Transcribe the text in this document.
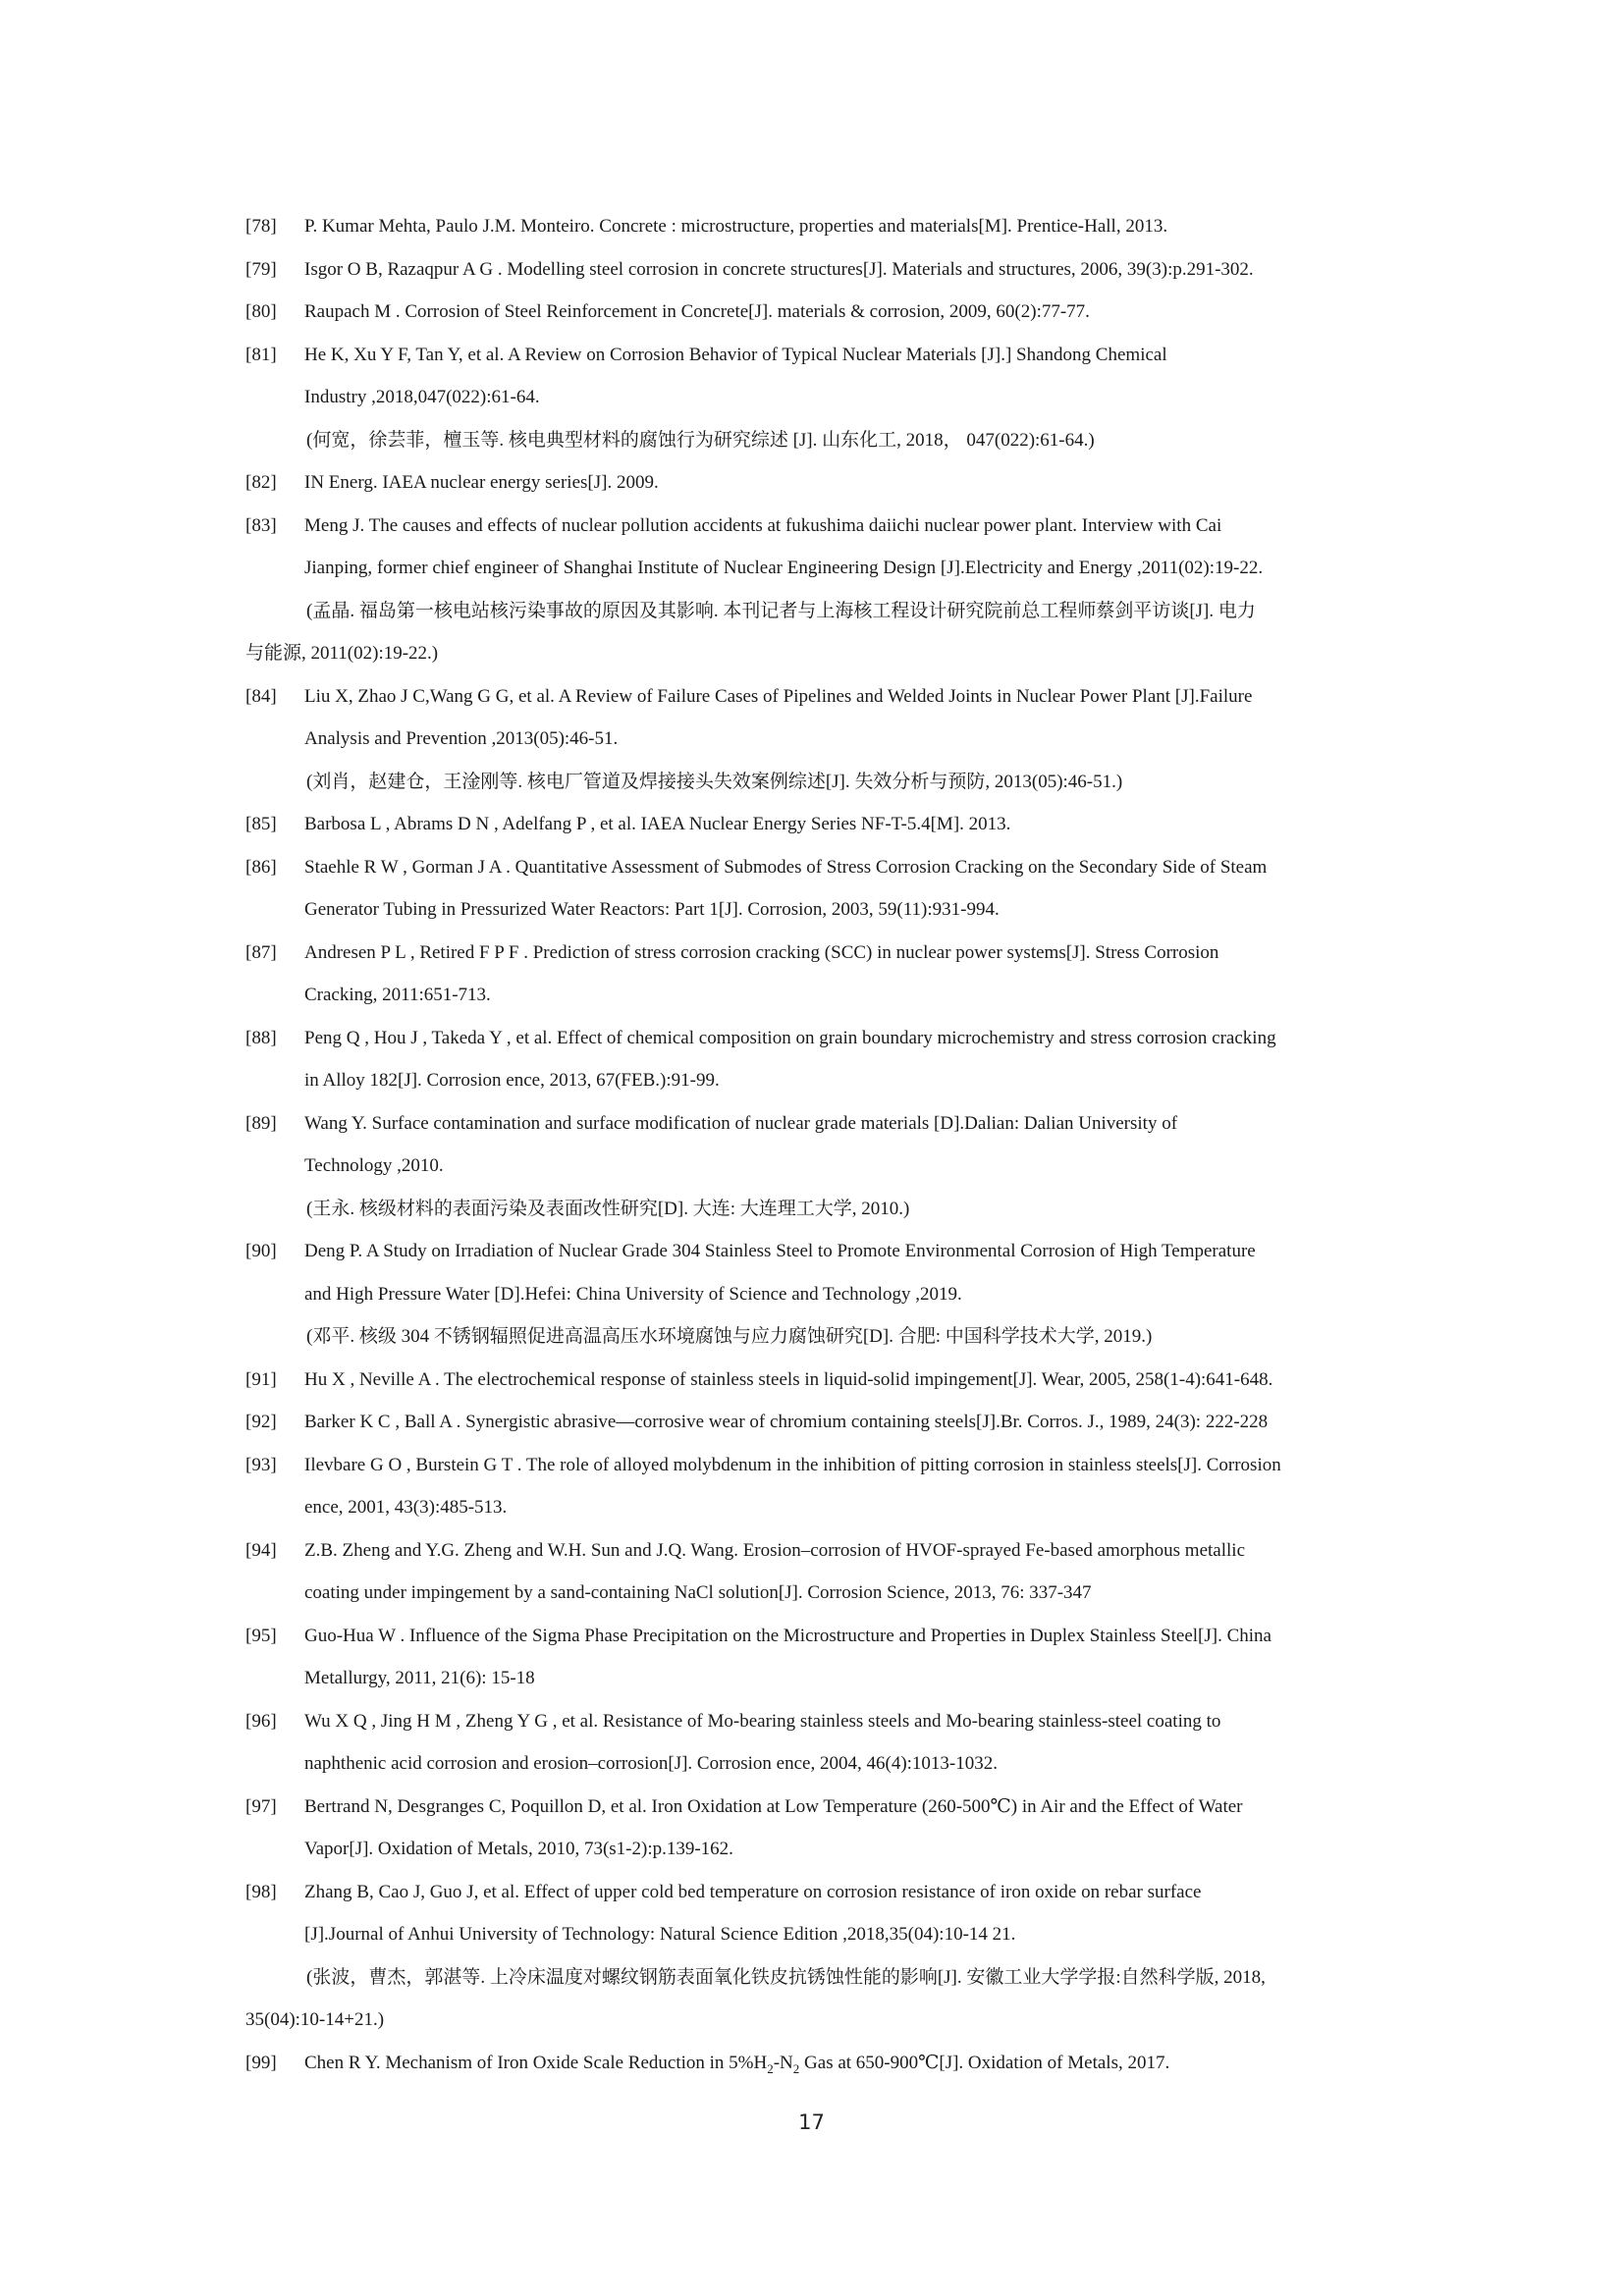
[78] P. Kumar Mehta, Paulo J.M. Monteiro. Concrete : microstructure, properties and materials[M]. Prentice-Hall, 2013.
[79] Isgor O B, Razaqpur A G . Modelling steel corrosion in concrete structures[J]. Materials and structures, 2006, 39(3):p.291-302.
[80] Raupach M . Corrosion of Steel Reinforcement in Concrete[J]. materials & corrosion, 2009, 60(2):77-77.
[81] He K, Xu Y F, Tan Y, et al. A Review on Corrosion Behavior of Typical Nuclear Materials [J].] Shandong Chemical
Industry ,2018,047(022):61-64.
(何宽，徐芸菲，檀玉等. 核电典型材料的腐蚀行为研究综述 [J]. 山东化工, 2018， 047(022):61-64.)
[82] IN Energ. IAEA nuclear energy series[J]. 2009.
[83] Meng J. The causes and effects of nuclear pollution accidents at fukushima daiichi nuclear power plant. Interview with Cai
Jianping, former chief engineer of Shanghai Institute of Nuclear Engineering Design [J].Electricity and Energy ,2011(02):19-22.
(孟晶. 福岛第一核电站核污染事故的原因及其影响. 本刊记者与上海核工程设计研究院前总工程师蔡剑平访谈[J]. 电力
与能源, 2011(02):19-22.)
[84] Liu X, Zhao J C,Wang G G, et al. A Review of Failure Cases of Pipelines and Welded Joints in Nuclear Power Plant [J].Failure
Analysis and Prevention ,2013(05):46-51.
(刘肖，赵建仓，王淦刚等. 核电厂管道及焊接接头失效案例综述[J]. 失效分析与预防, 2013(05):46-51.)
[85] Barbosa L , Abrams D N , Adelfang P , et al. IAEA Nuclear Energy Series NF-T-5.4[M]. 2013.
[86] Staehle R W , Gorman J A . Quantitative Assessment of Submodes of Stress Corrosion Cracking on the Secondary Side of Steam
Generator Tubing in Pressurized Water Reactors: Part 1[J]. Corrosion, 2003, 59(11):931-994.
[87] Andresen P L , Retired F P F . Prediction of stress corrosion cracking (SCC) in nuclear power systems[J]. Stress Corrosion
Cracking, 2011:651-713.
[88] Peng Q , Hou J , Takeda Y , et al. Effect of chemical composition on grain boundary microchemistry and stress corrosion cracking
in Alloy 182[J]. Corrosion ence, 2013, 67(FEB.):91-99.
[89] Wang Y. Surface contamination and surface modification of nuclear grade materials [D].Dalian: Dalian University of
Technology ,2010.
(王永. 核级材料的表面污染及表面改性研究[D]. 大连: 大连理工大学, 2010.)
[90] Deng P. A Study on Irradiation of Nuclear Grade 304 Stainless Steel to Promote Environmental Corrosion of High Temperature
and High Pressure Water [D].Hefei: China University of Science and Technology ,2019.
(邓平. 核级 304 不锈钢辐照促进高温高压水环境腐蚀与应力腐蚀研究[D]. 合肥: 中国科学技术大学, 2019.)
[91] Hu X , Neville A . The electrochemical response of stainless steels in liquid-solid impingement[J]. Wear, 2005, 258(1-4):641-648.
[92] Barker K C , Ball A . Synergistic abrasive—corrosive wear of chromium containing steels[J].Br. Corros. J., 1989, 24(3): 222-228
[93] Ilevbare G O , Burstein G T . The role of alloyed molybdenum in the inhibition of pitting corrosion in stainless steels[J]. Corrosion
ence, 2001, 43(3):485-513.
[94] Z.B. Zheng and Y.G. Zheng and W.H. Sun and J.Q. Wang. Erosion–corrosion of HVOF-sprayed Fe-based amorphous metallic
coating under impingement by a sand-containing NaCl solution[J]. Corrosion Science, 2013, 76: 337-347
[95] Guo-Hua W . Influence of the Sigma Phase Precipitation on the Microstructure and Properties in Duplex Stainless Steel[J]. China
Metallurgy, 2011, 21(6): 15-18
[96] Wu X Q , Jing H M , Zheng Y G , et al. Resistance of Mo-bearing stainless steels and Mo-bearing stainless-steel coating to
naphthenic acid corrosion and erosion–corrosion[J]. Corrosion ence, 2004, 46(4):1013-1032.
[97] Bertrand N, Desgranges C, Poquillon D, et al. Iron Oxidation at Low Temperature (260-500℃) in Air and the Effect of Water
Vapor[J]. Oxidation of Metals, 2010, 73(s1-2):p.139-162.
[98] Zhang B, Cao J, Guo J, et al. Effect of upper cold bed temperature on corrosion resistance of iron oxide on rebar surface
[J].Journal of Anhui University of Technology: Natural Science Edition ,2018,35(04):10-14 21.
(张波，曹杰，郭湛等. 上冷床温度对螺纹钢筋表面氧化铁皮抗锈蚀性能的影响[J]. 安徽工业大学学报:自然科学版, 2018,
35(04):10-14+21.)
[99] Chen R Y. Mechanism of Iron Oxide Scale Reduction in $5\%H_2-N_2$ Gas at 650-900℃[J]. Oxidation of Metals, 2017.
17
